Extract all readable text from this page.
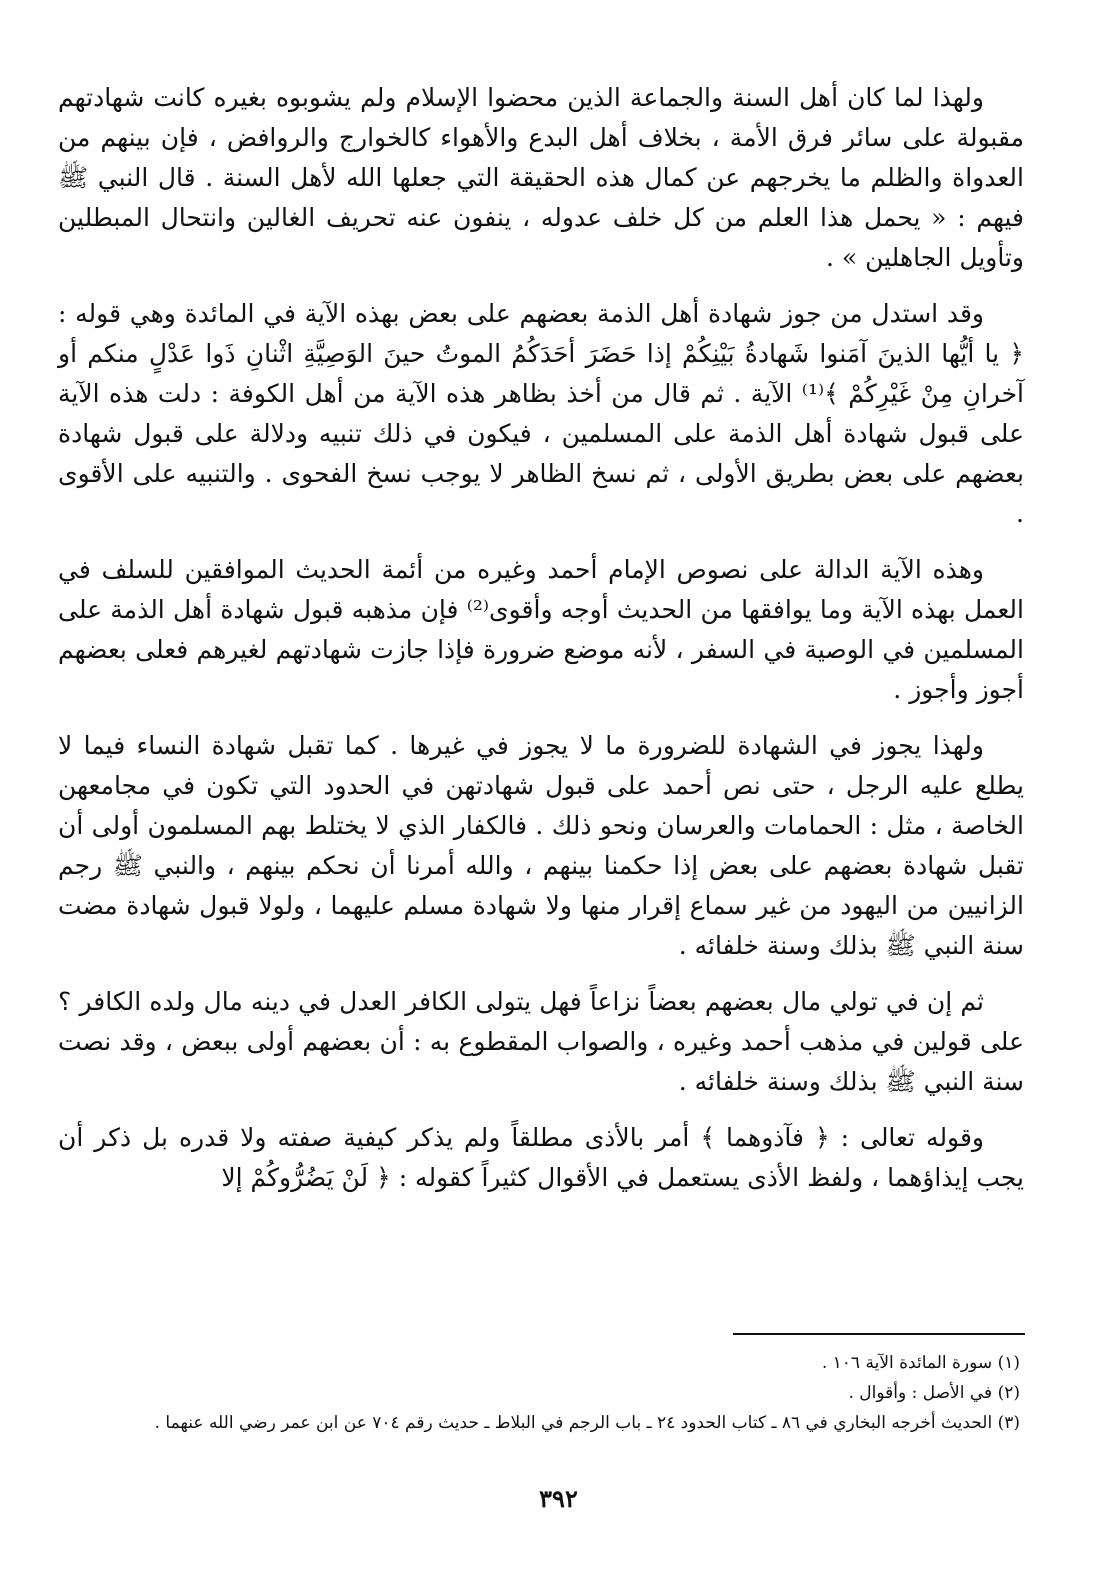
ولهذا لما كان أهل السنة والجماعة الذين محضوا الإسلام ولم يشوبوه بغيره كانت شهادتهم مقبولة على سائر فرق الأمة ، بخلاف أهل البدع والأهواء كالخوارج والروافض ، فإن بينهم من العدواة والظلم ما يخرجهم عن كمال هذه الحقيقة التي جعلها الله لأهل السنة . قال النبي ﷺ فيهم : « يحمل هذا العلم من كل خلف عدوله ، ينفون عنه تحريف الغالين وانتحال المبطلين وتأويل الجاهلين » .

وقد استدل من جوز شهادة أهل الذمة بعضهم على بعض بهذه الآية في المائدة وهي قوله : ﴿ يا أيُّها الذينَ آمَنوا شَهادةُ بَيْنِكُمْ إذا حَضَرَ أحَدَكُمُ الموتُ حينَ الوَصِيَّةِ اثْنانِ ذَوا عَدْلٍ منكم أو آخرانِ مِنْ غَيْرِكُمْ ﴾⁽¹⁾ الآية . ثم قال من أخذ بظاهر هذه الآية من أهل الكوفة : دلت هذه الآية على قبول شهادة أهل الذمة على المسلمين ، فيكون في ذلك تنبيه ودلالة على قبول شهادة بعضهم على بعض بطريق الأولى ، ثم نسخ الظاهر لا يوجب نسخ الفحوى . والتنبيه على الأقوى .

وهذه الآية الدالة على نصوص الإمام أحمد وغيره من أئمة الحديث الموافقين للسلف في العمل بهذه الآية وما يوافقها من الحديث أوجه وأقوى⁽²⁾ فإن مذهبه قبول شهادة أهل الذمة على المسلمين في الوصية في السفر ، لأنه موضع ضرورة فإذا جازت شهادتهم لغيرهم فعلى بعضهم أجوز وأجوز .

ولهذا يجوز في الشهادة للضرورة ما لا يجوز في غيرها . كما تقبل شهادة النساء فيما لا يطلع عليه الرجل ، حتى نص أحمد على قبول شهادتهن في الحدود التي تكون في مجامعهن الخاصة ، مثل : الحمامات والعرسان ونحو ذلك . فالكفار الذي لا يختلط بهم المسلمون أولى أن تقبل شهادة بعضهم على بعض إذا حكمنا بينهم ، والله أمرنا أن نحكم بينهم ، والنبي ﷺ رجم الزانيين من اليهود من غير سماع إقرار منها ولا شهادة مسلم عليهما ، ولولا قبول شهادة مضت سنة النبي ﷺ بذلك وسنة خلفائه .

ثم إن في تولي مال بعضهم بعضاً نزاعاً فهل يتولى الكافر العدل في دينه مال ولده الكافر ؟ على قولين في مذهب أحمد وغيره ، والصواب المقطوع به : أن بعضهم أولى ببعض ، وقد نصت سنة النبي ﷺ بذلك وسنة خلفائه .

وقوله تعالى : ﴿ فآذوهما ﴾ أمر بالأذى مطلقاً ولم يذكر كيفية صفته ولا قدره بل ذكر أن يجب إيذاؤهما ، ولفظ الأذى يستعمل في الأقوال كثيراً كقوله : ﴿ لَنْ يَضُرُّوكُمْ إلا

(١) سورة المائدة الآية ١٠٦ .

(٢) في الأصل : وأقوال .

(٣) الحديث أخرجه البخاري في ٨٦ ـ كتاب الحدود ٢٤ ـ باب الرجم في البلاط ـ حديث رقم ٧٠٤ عن ابن عمر رضي الله عنهما .

٣٩٢
